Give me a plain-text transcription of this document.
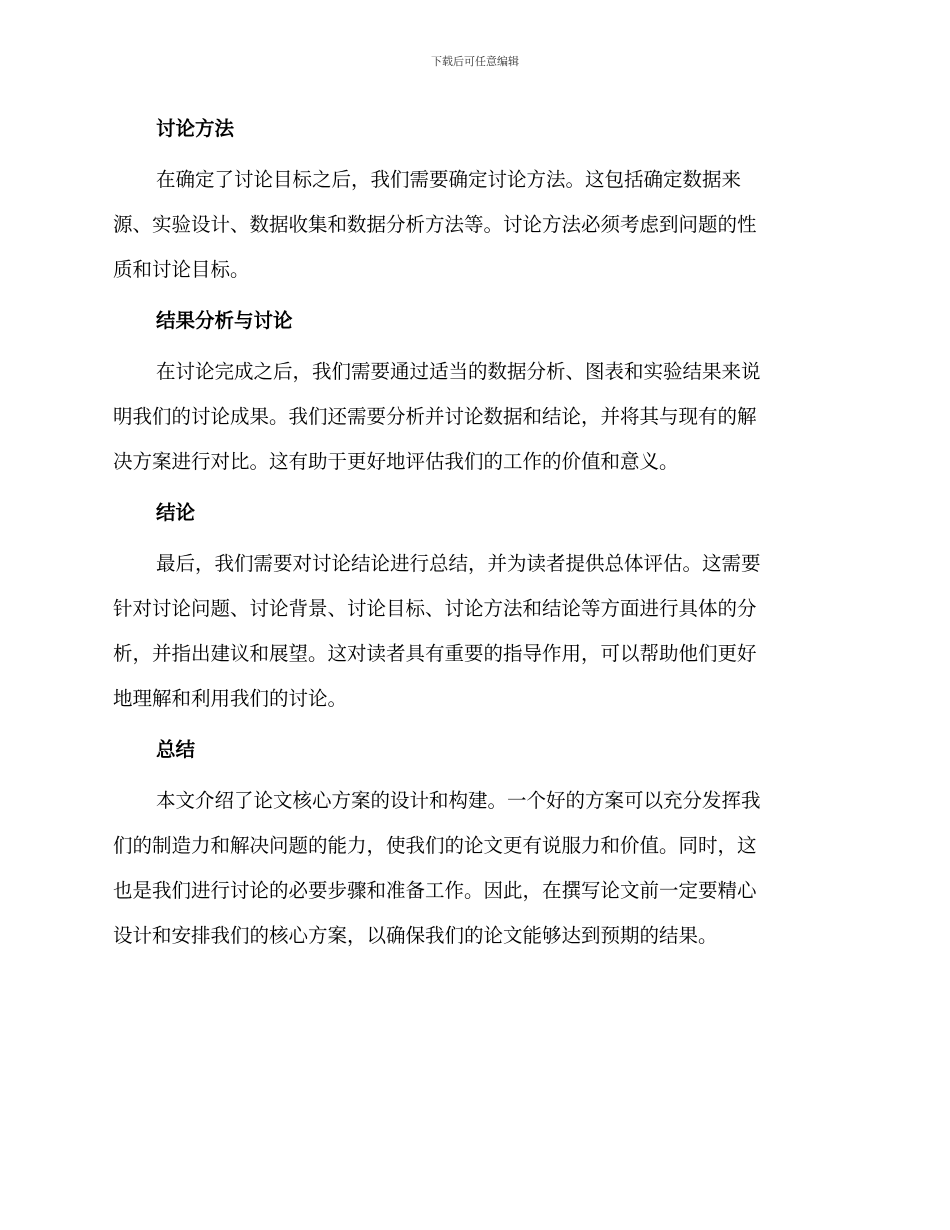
下载后可任意编辑
讨论方法
在确定了讨论目标之后，我们需要确定讨论方法。这包括确定数据来
源、实验设计、数据收集和数据分析方法等。讨论方法必须考虑到问题的性
质和讨论目标。
结果分析与讨论
在讨论完成之后，我们需要通过适当的数据分析、图表和实验结果来说
明我们的讨论成果。我们还需要分析并讨论数据和结论，并将其与现有的解
决方案进行对比。这有助于更好地评估我们的工作的价值和意义。
结论
最后，我们需要对讨论结论进行总结，并为读者提供总体评估。这需要
针对讨论问题、讨论背景、讨论目标、讨论方法和结论等方面进行具体的分
析，并指出建议和展望。这对读者具有重要的指导作用，可以帮助他们更好
地理解和利用我们的讨论。
总结
本文介绍了论文核心方案的设计和构建。一个好的方案可以充分发挥我
们的制造力和解决问题的能力，使我们的论文更有说服力和价值。同时，这
也是我们进行讨论的必要步骤和准备工作。因此，在撰写论文前一定要精心
设计和安排我们的核心方案，以确保我们的论文能够达到预期的结果。
